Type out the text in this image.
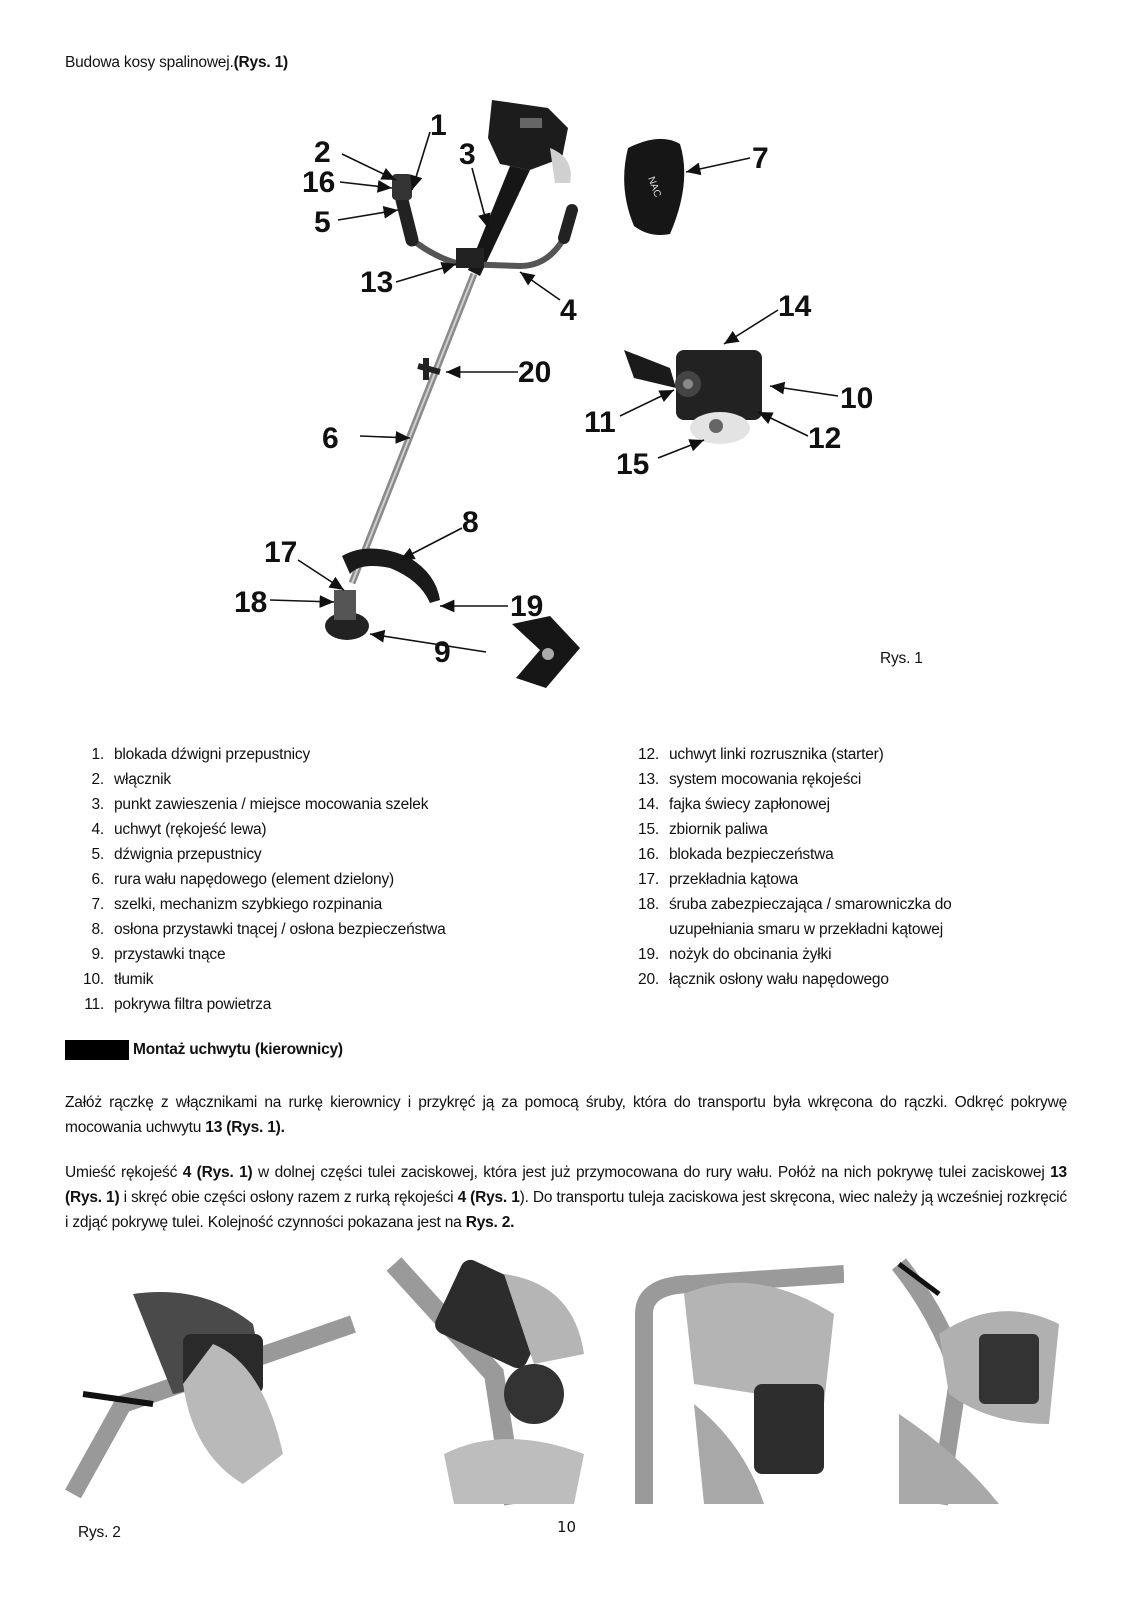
Budowa kosy spalinowej.(Rys. 1)
NAC
1
2
16
5
3	7
13
4	14
20
10
11	12
15
6
8
17
18	19
9	Rys. 1
1. blokada dźwigni przepustnicy
2. włącznik
3. punkt zawieszenia / miejsce mocowania szelek
4. uchwyt (rękojeść lewa)
5. dźwignia przepustnicy
6. rura wału napędowego (element dzielony)
7. szelki, mechanizm szybkiego rozpinania
8. osłona przystawki tnącej / osłona bezpieczeństwa
9. przystawki tnące
10. tłumik
11. pokrywa filtra powietrza
12. uchwyt linki rozrusznika (starter)
13. system mocowania rękojeści
14. fajka świecy zapłonowej
15. zbiornik paliwa
16. blokada bezpieczeństwa
17. przekładnia kątowa
18. śruba zabezpieczająca / smarowniczka do
uzupełniania smaru w przekładni kątowej
19. nożyk do obcinania żyłki
20. łącznik osłony wału napędowego
Montaż uchwytu (kierownicy)
Załóż rączkę z włącznikami na rurkę kierownicy i przykręć ją za pomocą śruby, która do transportu była wkręcona do rączki. Odkręć pokrywę mocowania uchwytu 13 (Rys. 1).
Umieść rękojeść 4 (Rys. 1) w dolnej części tulei zaciskowej, która jest już przymocowana do rury wału. Połóż na nich pokrywę tulei zaciskowej 13 (Rys. 1) i skręć obie części osłony razem z rurką rękojeści 4 (Rys. 1). Do transportu tuleja zaciskowa jest skręcona, wiec należy ją wcześniej rozkręcić i zdjąć pokrywę tulei. Kolejność czynności pokazana jest na Rys. 2.
Rys. 2	10
